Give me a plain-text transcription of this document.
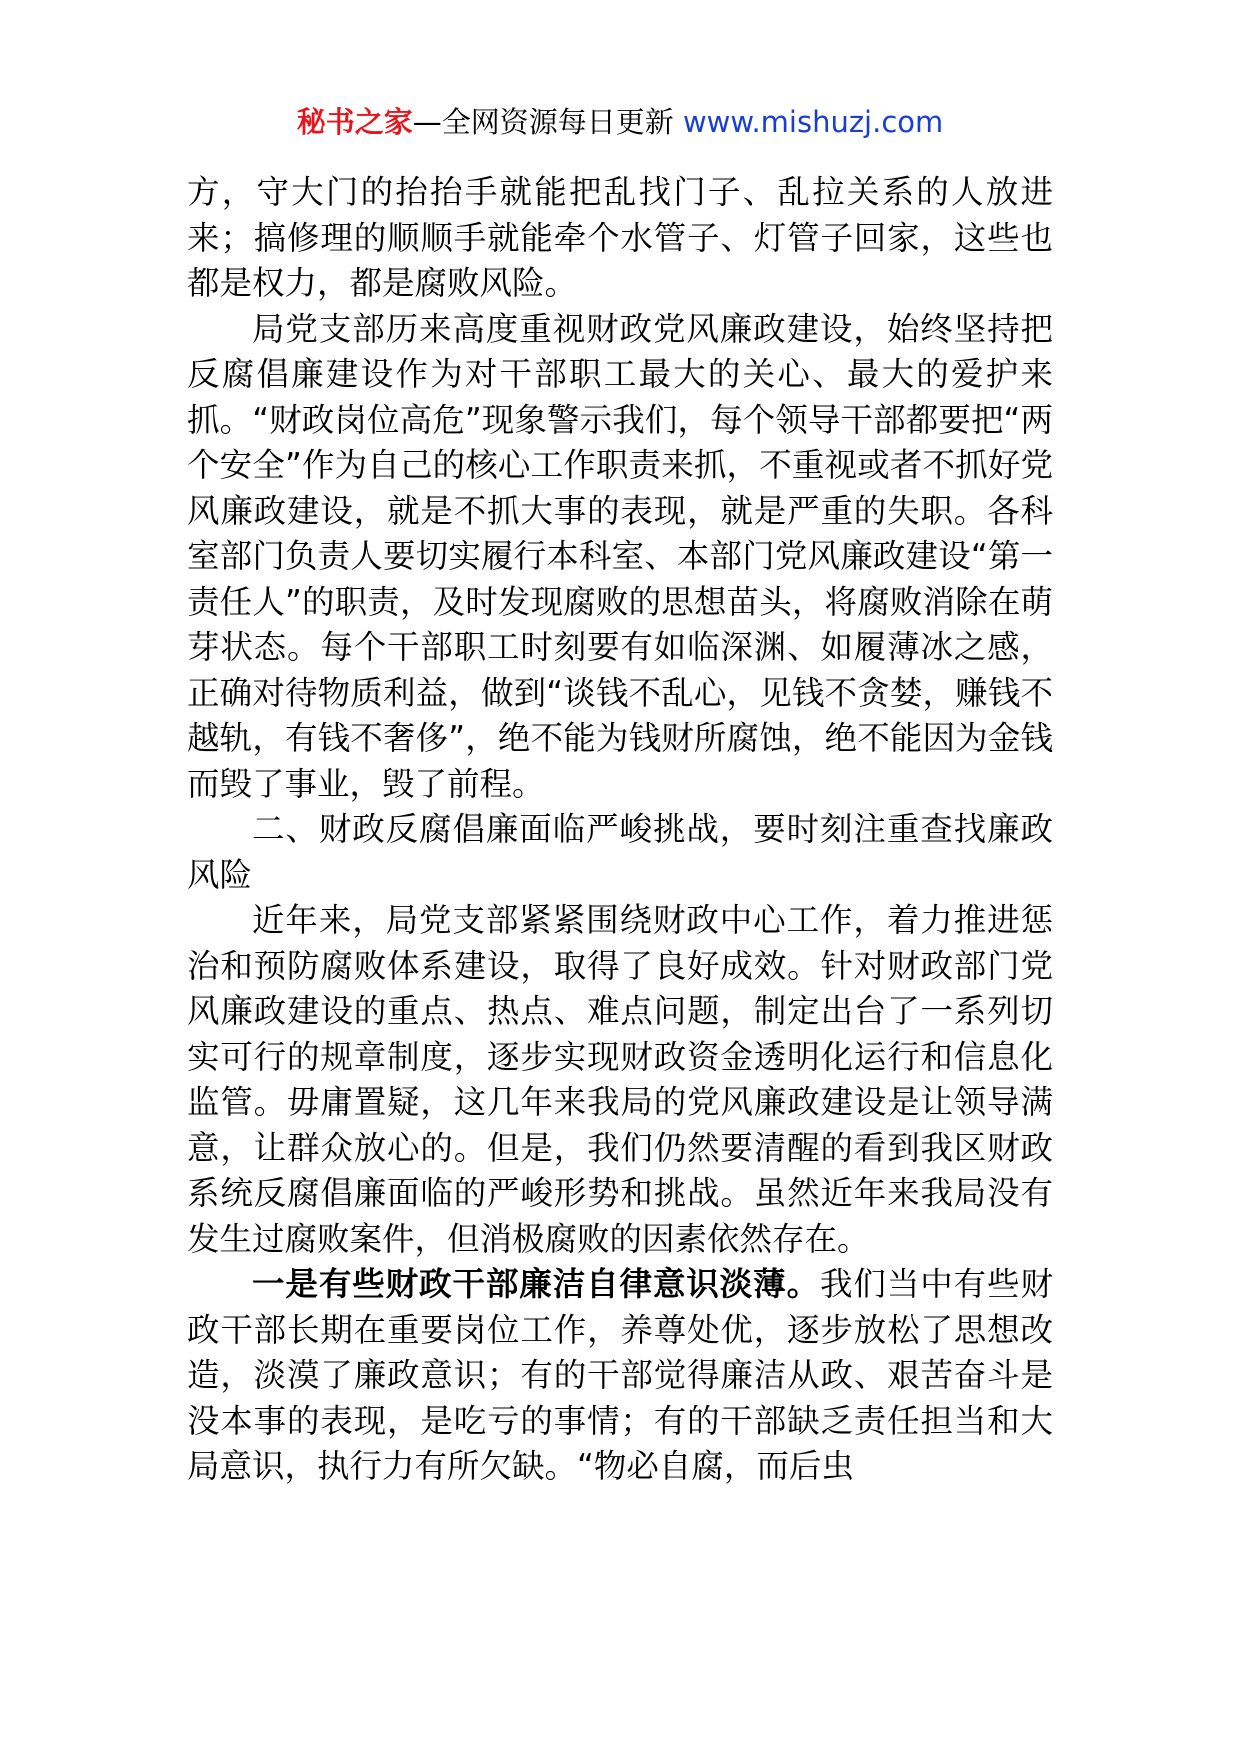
秘书之家—全网资源每日更新 www.mishuzj.com

方，守大门的抬抬手就能把乱找门子、乱拉关系的人放进来；搞修理的顺顺手就能牵个水管子、灯管子回家，这些也都是权力，都是腐败风险。

局党支部历来高度重视财政党风廉政建设，始终坚持把反腐倡廉建设作为对干部职工最大的关心、最大的爱护来抓。“财政岗位高危”现象警示我们，每个领导干部都要把“两个安全”作为自己的核心工作职责来抓，不重视或者不抓好党风廉政建设，就是不抓大事的表现，就是严重的失职。各科室部门负责人要切实履行本科室、本部门党风廉政建设“第一责任人”的职责，及时发现腐败的思想苗头，将腐败消除在萌芽状态。每个干部职工时刻要有如临深渊、如履薄冰之感，正确对待物质利益，做到“谈钱不乱心，见钱不贪婪，赚钱不越轨，有钱不奢侈”，绝不能为钱财所腐蚀，绝不能因为金钱而毁了事业，毁了前程。

二、财政反腐倡廉面临严峻挑战，要时刻注重查找廉政风险

近年来，局党支部紧紧围绕财政中心工作，着力推进惩治和预防腐败体系建设，取得了良好成效。针对财政部门党风廉政建设的重点、热点、难点问题，制定出台了一系列切实可行的规章制度，逐步实现财政资金透明化运行和信息化监管。毋庸置疑，这几年来我局的党风廉政建设是让领导满意，让群众放心的。但是，我们仍然要清醒的看到我区财政系统反腐倡廉面临的严峻形势和挑战。虽然近年来我局没有发生过腐败案件，但消极腐败的因素依然存在。

一是有些财政干部廉洁自律意识淡薄。我们当中有些财政干部长期在重要岗位工作，养尊处优，逐步放松了思想改造，淡漠了廉政意识；有的干部觉得廉洁从政、艰苦奋斗是没本事的表现，是吃亏的事情；有的干部缺乏责任担当和大局意识，执行力有所欠缺。“物必自腐，而后虫
